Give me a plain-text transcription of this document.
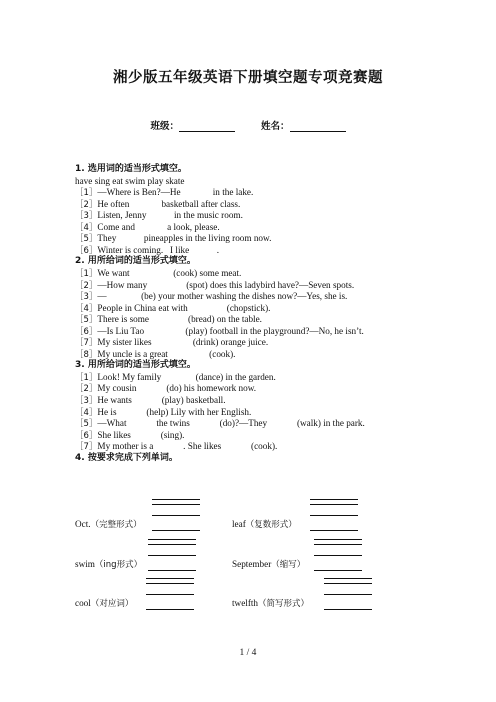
湘少版五年级英语下册填空题专项竞赛题
班级：	姓名：
1. 选用词的适当形式填空。
have sing eat swim play skate
［1］—Where is Ben?—He              in the lake.
［2］He often              basketball after class.
［3］Listen, Jenny            in the music room.
［4］Come and              a look, please.
［5］They            pineapples in the living room now.
［6］Winter is coming.   I like            .
2. 用所给词的适当形式填空。
［1］We want                   (cook) some meat.
［2］—How many                 (spot) does this ladybird have?—Seven spots.
［3］—               (be) your mother washing the dishes now?—Yes, she is.
［4］People in China eat with                 (chopstick).
［5］There is some                 (bread) on the table.
［6］—Is Liu Tao                  (play) football in the playground?—No, he isn’t.
［7］My sister likes                  (drink) orange juice.
［8］My uncle is a great                  (cook).
3. 用所给词的适当形式填空。
［1］Look! My family               (dance) in the garden.
［2］My cousin             (do) his homework now.
［3］He wants             (play) basketball.
［4］He is             (help) Lily with her English.
［5］—What             the twins             (do)?—They             (walk) in the park.
［6］She likes             (sing).
［7］My mother is a             . She likes             (cook).
4. 按要求完成下列单词。
Oct.（完整形式）	leaf（复数形式）
swim（ing形式）	September（缩写）
cool（对应词）	twelfth（简写形式）
1 / 4
